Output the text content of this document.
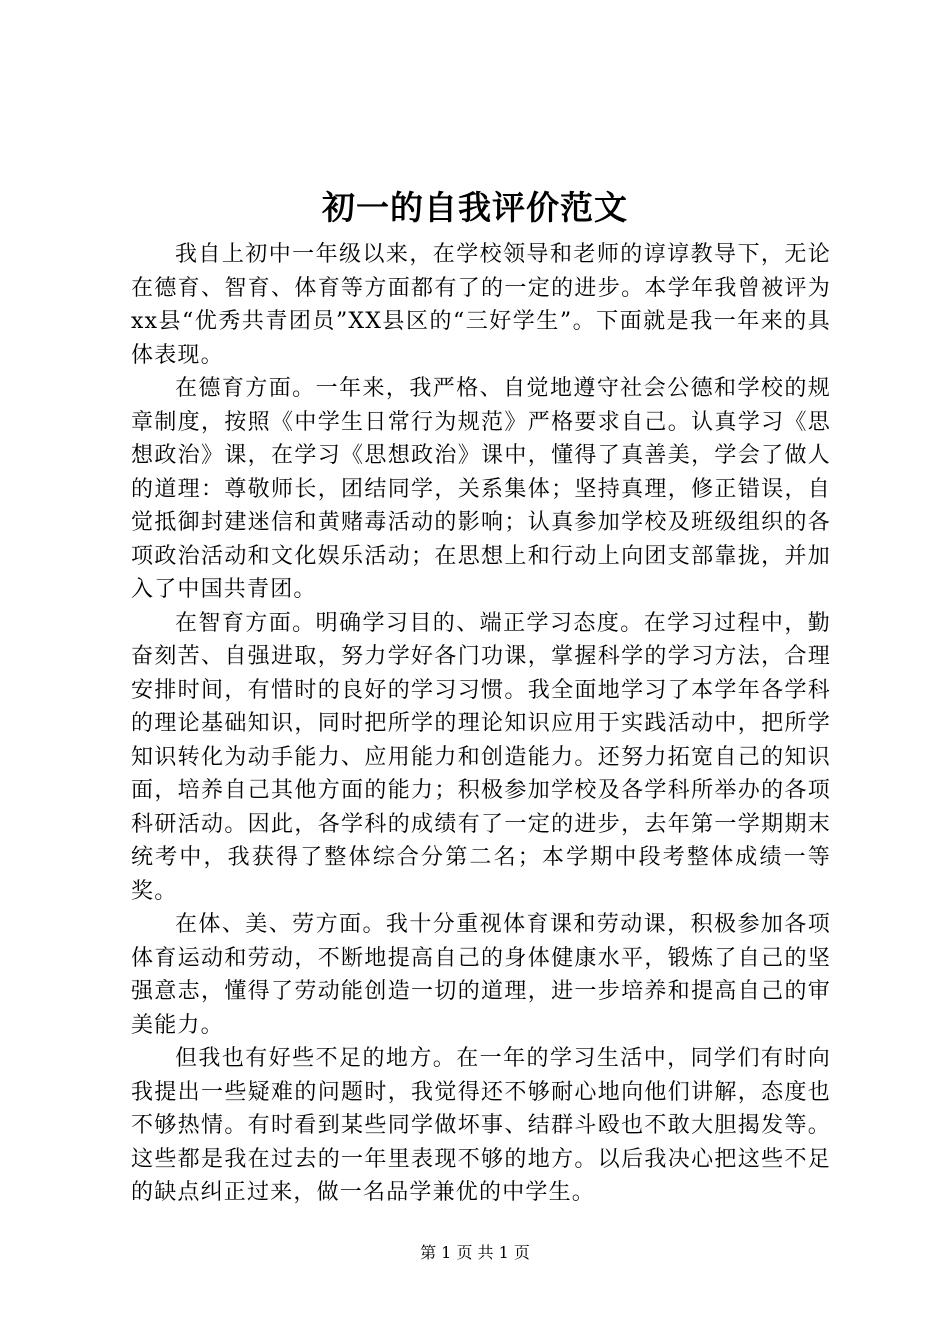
初一的自我评价范文

我自上初中一年级以来，在学校领导和老师的谆谆教导下，无论在德育、智育、体育等方面都有了的一定的进步。本学年我曾被评为xx县“优秀共青团员”XX县区的“三好学生”。下面就是我一年来的具体表现。

在德育方面。一年来，我严格、自觉地遵守社会公德和学校的规章制度，按照《中学生日常行为规范》严格要求自己。认真学习《思想政治》课，在学习《思想政治》课中，懂得了真善美，学会了做人的道理：尊敬师长，团结同学，关系集体；坚持真理，修正错误，自觉抵御封建迷信和黄赌毒活动的影响；认真参加学校及班级组织的各项政治活动和文化娱乐活动；在思想上和行动上向团支部靠拢，并加入了中国共青团。

在智育方面。明确学习目的、端正学习态度。在学习过程中，勤奋刻苦、自强进取，努力学好各门功课，掌握科学的学习方法，合理安排时间，有惜时的良好的学习习惯。我全面地学习了本学年各学科的理论基础知识，同时把所学的理论知识应用于实践活动中，把所学知识转化为动手能力、应用能力和创造能力。还努力拓宽自己的知识面，培养自己其他方面的能力；积极参加学校及各学科所举办的各项科研活动。因此，各学科的成绩有了一定的进步，去年第一学期期末统考中，我获得了整体综合分第二名；本学期中段考整体成绩一等奖。

在体、美、劳方面。我十分重视体育课和劳动课，积极参加各项体育运动和劳动，不断地提高自己的身体健康水平，锻炼了自己的坚强意志，懂得了劳动能创造一切的道理，进一步培养和提高自己的审美能力。

但我也有好些不足的地方。在一年的学习生活中，同学们有时向我提出一些疑难的问题时，我觉得还不够耐心地向他们讲解，态度也不够热情。有时看到某些同学做坏事、结群斗殴也不敢大胆揭发等。这些都是我在过去的一年里表现不够的地方。以后我决心把这些不足的缺点纠正过来，做一名品学兼优的中学生。

第 1 页 共 1 页
